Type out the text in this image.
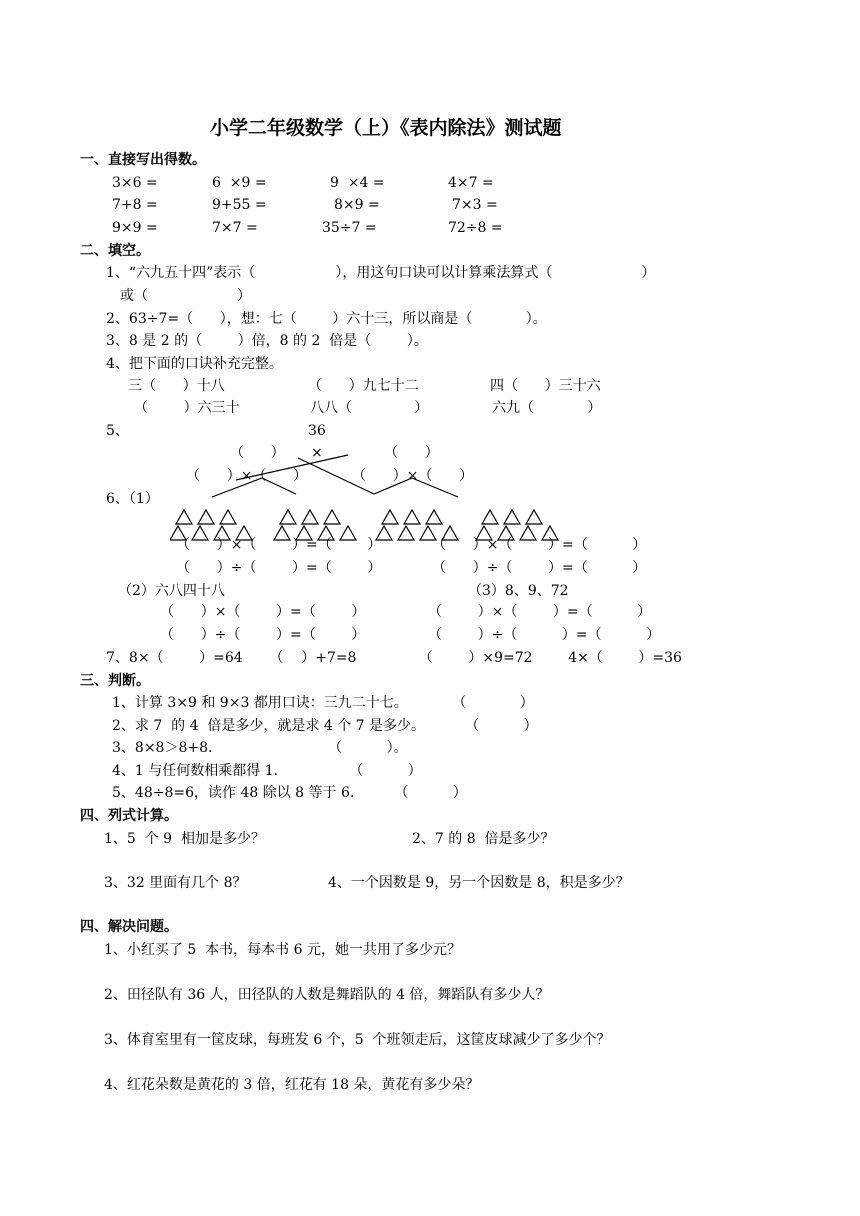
小学二年级数学（上）《表内除法》测试题
一、直接写出得数。
3×6 =	6  ×9 =	9  ×4 =	4×7 =
7+8 =	9+55 =	8×9 =	7×3 =
9×9 =	7×7 =	35÷7 =	72÷8 =
二、填空。
1、“六九五十四”表示（                  ），用这句口诀可以计算乘法算式（                    ）
或（                    ）
2、63÷7=（      ），想：七（        ）六十三，所以商是（            ）。
3、8 是 2 的（        ）倍，8 的 2  倍是（        ）。
4、把下面的口诀补充完整。
三（      ）十八	（      ）九七十二	四（      ）三十六
（        ）六三十	八八（              ）	六九（            ）
5、	36
（      ） ×	（      ）
（      ）×（      ）	（      ）×（      ）
6、（1）
（      ）×（        ）=（        ）
（      ）÷（        ）=（        ）
（      ）×（        ）=（          ）
（      ）÷（        ）=（          ）
（2）六八四十八	（3）8、9、72
（      ）×（        ）=（        ）
（      ）÷（        ）=（        ）
（        ）×（        ）=（          ）
（        ）÷（          ）=（          ）
7、8×（        ）=64      （    ）+7=8              （        ）×9=72        4×（        ）=36
三、判断。
1、计算 3×9 和 9×3 都用口诀：三九二十七。          （            ）
2、求 7  的 4  倍是多少，就是求 4 个 7 是多少。         （          ）
3、8×8＞8+8.                          （          ）。
4、1 与任何数相乘都得 1.                （          ）
5、48÷8=6，读作 48 除以 8 等于 6.         （          ）
四、列式计算。
1、5  个 9  相加是多少？	2、7 的 8  倍是多少？
3、32 里面有几个 8？	4、一个因数是 9，另一个因数是 8，积是多少？
四、解决问题。
1、小红买了 5  本书，每本书 6 元，她一共用了多少元？
2、田径队有 36 人，田径队的人数是舞蹈队的 4 倍，舞蹈队有多少人？
3、体育室里有一筐皮球，每班发 6 个，5  个班领走后，这筐皮球减少了多少个？
4、红花朵数是黄花的 3 倍，红花有 18 朵，黄花有多少朵？
